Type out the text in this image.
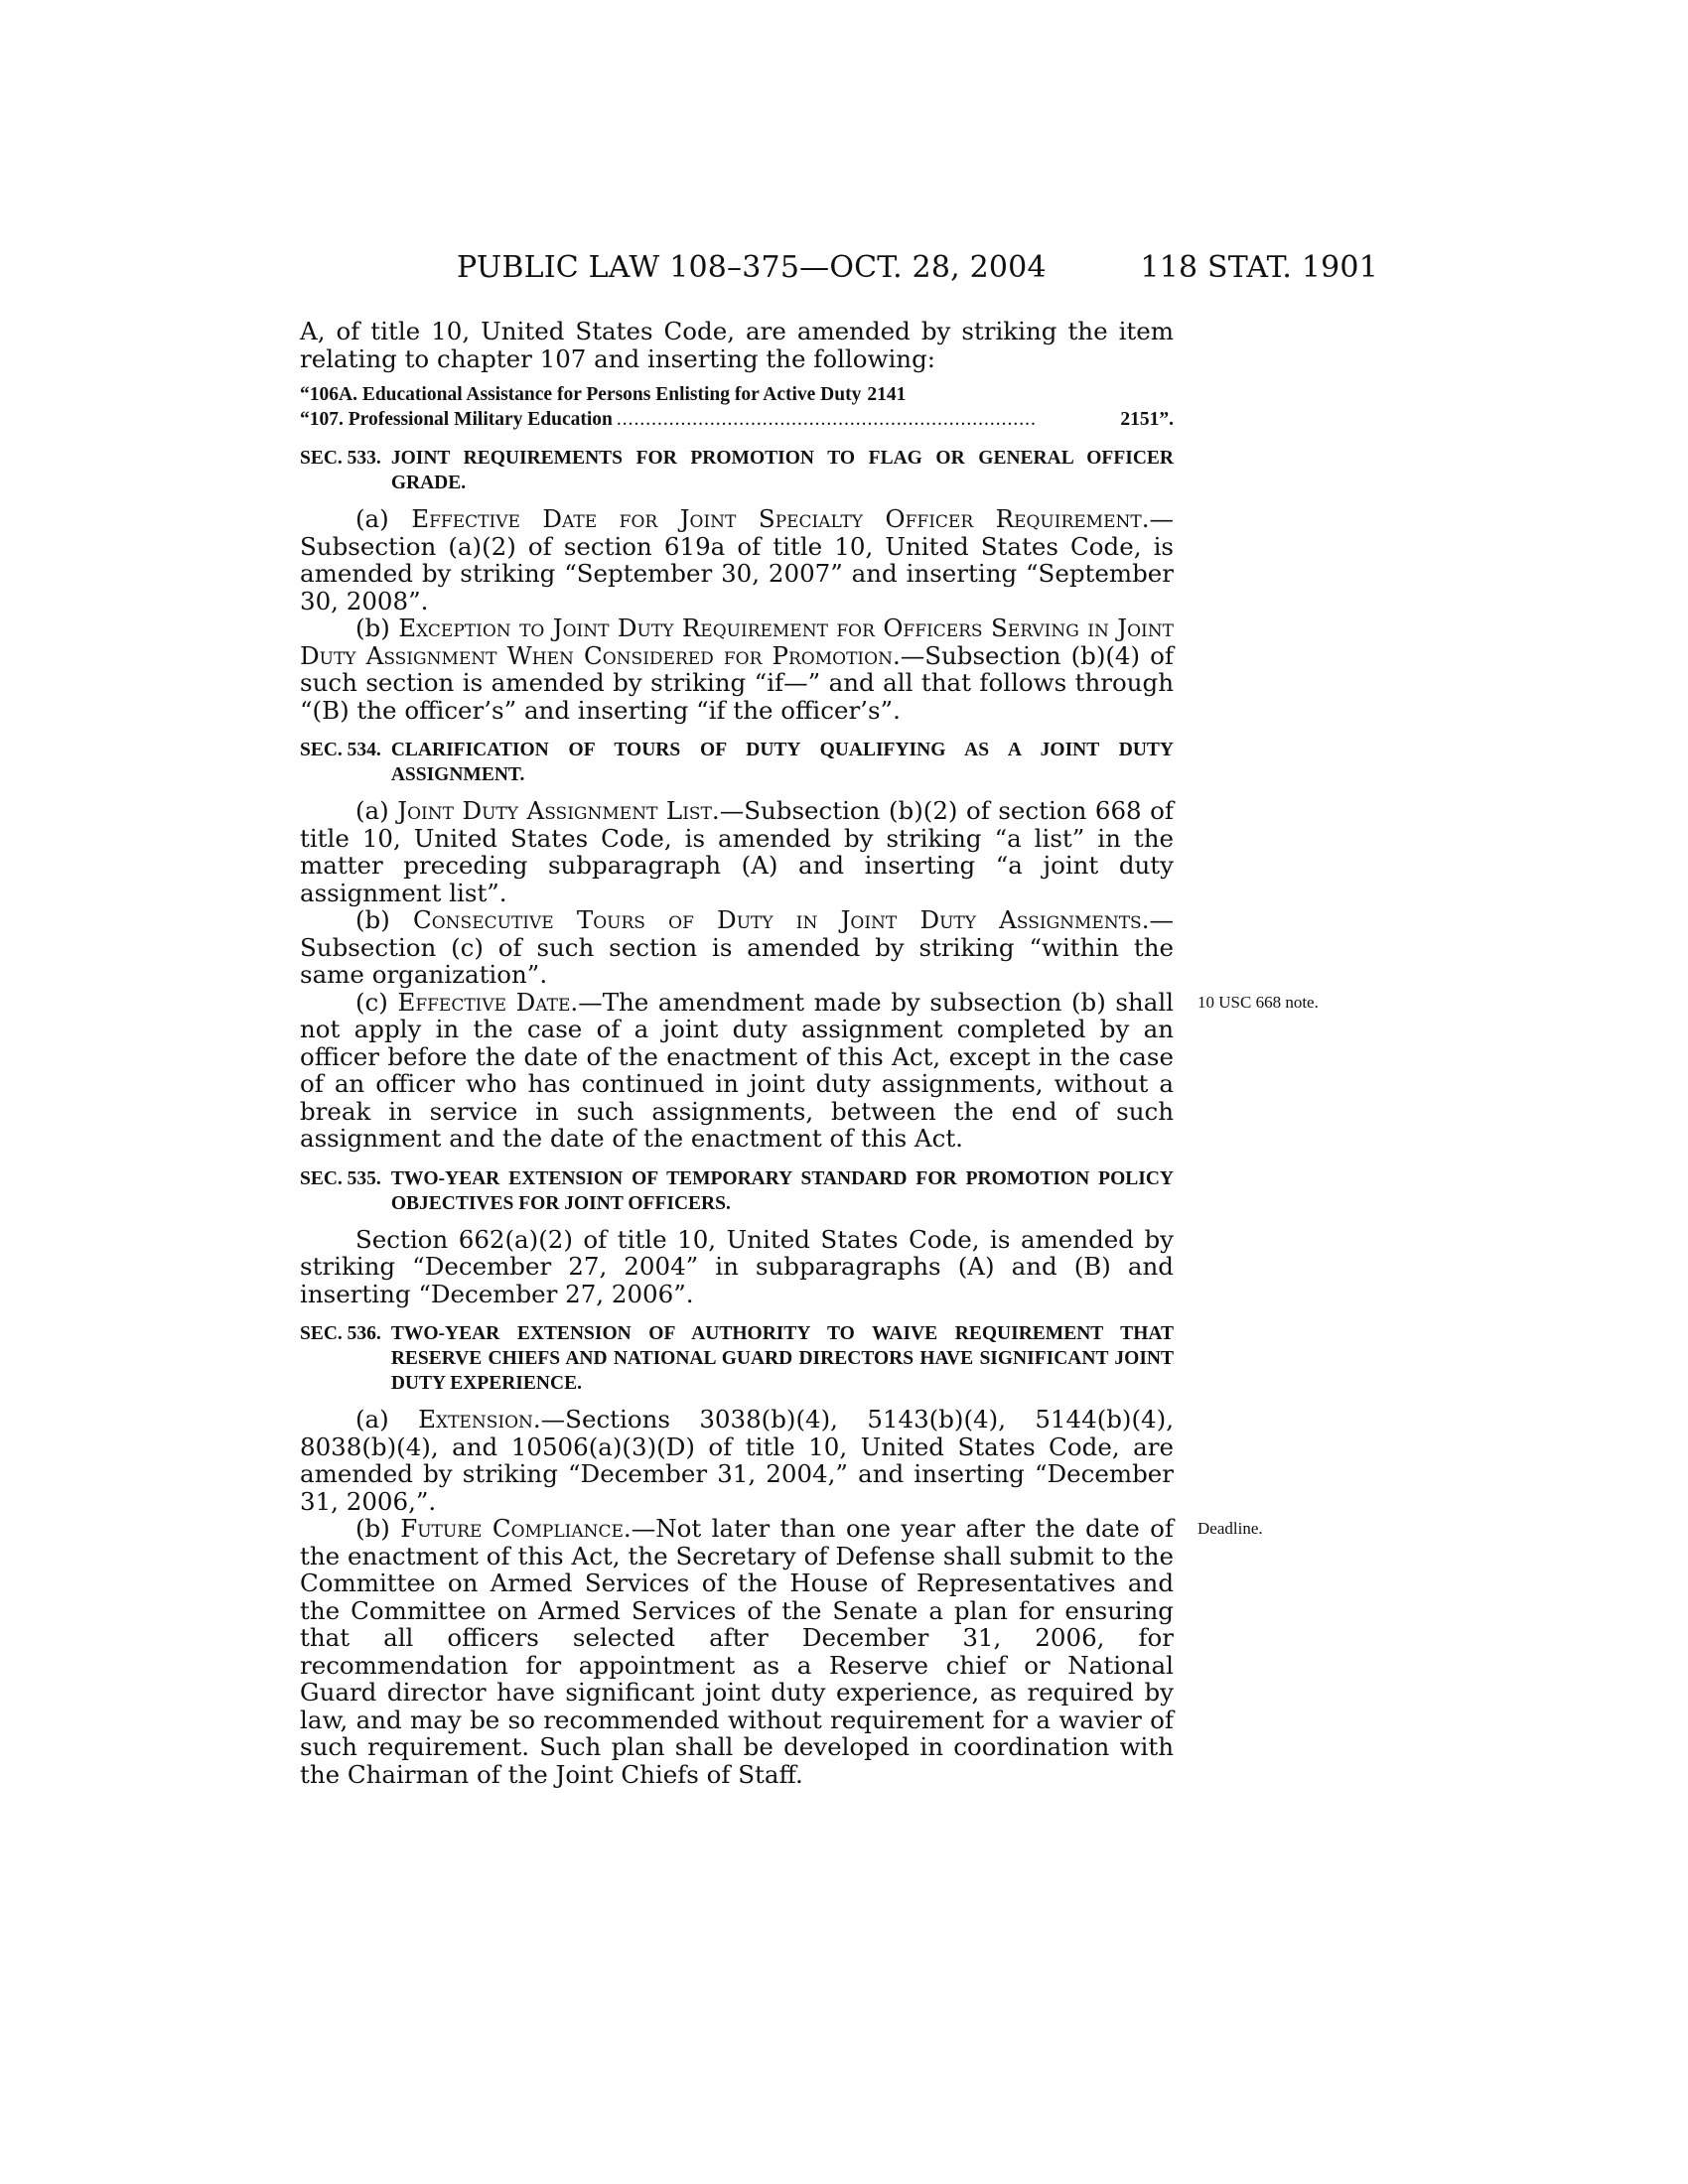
PUBLIC LAW 108–375—OCT. 28, 2004	118 STAT. 1901

A, of title 10, United States Code, are amended by striking the item relating to chapter 107 and inserting the following:

“106A. Educational Assistance for Persons Enlisting for Active Duty 2141
“107. Professional Military Education ........................................................................	2151”.
SEC. 533. JOINT REQUIREMENTS FOR PROMOTION TO FLAG OR GENERAL OFFICER GRADE.

(a) Effective Date for Joint Specialty Officer Requirement.—Subsection (a)(2) of section 619a of title 10, United States Code, is amended by striking “September 30, 2007” and inserting “September 30, 2008”.

(b) Exception to Joint Duty Requirement for Officers Serving in Joint Duty Assignment When Considered for Promotion.—Subsection (b)(4) of such section is amended by striking “if—” and all that follows through “(B) the officer’s” and inserting “if the officer’s”.

SEC. 534. CLARIFICATION OF TOURS OF DUTY QUALIFYING AS A JOINT DUTY ASSIGNMENT.

(a) Joint Duty Assignment List.—Subsection (b)(2) of section 668 of title 10, United States Code, is amended by striking “a list” in the matter preceding subparagraph (A) and inserting “a joint duty assignment list”.

(b) Consecutive Tours of Duty in Joint Duty Assignments.—Subsection (c) of such section is amended by striking “within the same organization”.

(c) Effective Date.—The amendment made by subsection (b) shall not apply in the case of a joint duty assignment completed by an officer before the date of the enactment of this Act, except in the case of an officer who has continued in joint duty assignments, without a break in service in such assignments, between the end of such assignment and the date of the enactment of this Act.

SEC. 535. TWO-YEAR EXTENSION OF TEMPORARY STANDARD FOR PROMOTION POLICY OBJECTIVES FOR JOINT OFFICERS.

Section 662(a)(2) of title 10, United States Code, is amended by striking “December 27, 2004” in subparagraphs (A) and (B) and inserting “December 27, 2006”.

SEC. 536. TWO-YEAR EXTENSION OF AUTHORITY TO WAIVE REQUIREMENT THAT RESERVE CHIEFS AND NATIONAL GUARD DIRECTORS HAVE SIGNIFICANT JOINT DUTY EXPERIENCE.

(a) Extension.—Sections 3038(b)(4), 5143(b)(4), 5144(b)(4), 8038(b)(4), and 10506(a)(3)(D) of title 10, United States Code, are amended by striking “December 31, 2004,” and inserting “December 31, 2006,”.

(b) Future Compliance.—Not later than one year after the date of the enactment of this Act, the Secretary of Defense shall submit to the Committee on Armed Services of the House of Representatives and the Committee on Armed Services of the Senate a plan for ensuring that all officers selected after December 31, 2006, for recommendation for appointment as a Reserve chief or National Guard director have significant joint duty experience, as required by law, and may be so recommended without requirement for a wavier of such requirement. Such plan shall be developed in coordination with the Chairman of the Joint Chiefs of Staff.

10 USC 668 note.
Deadline.
